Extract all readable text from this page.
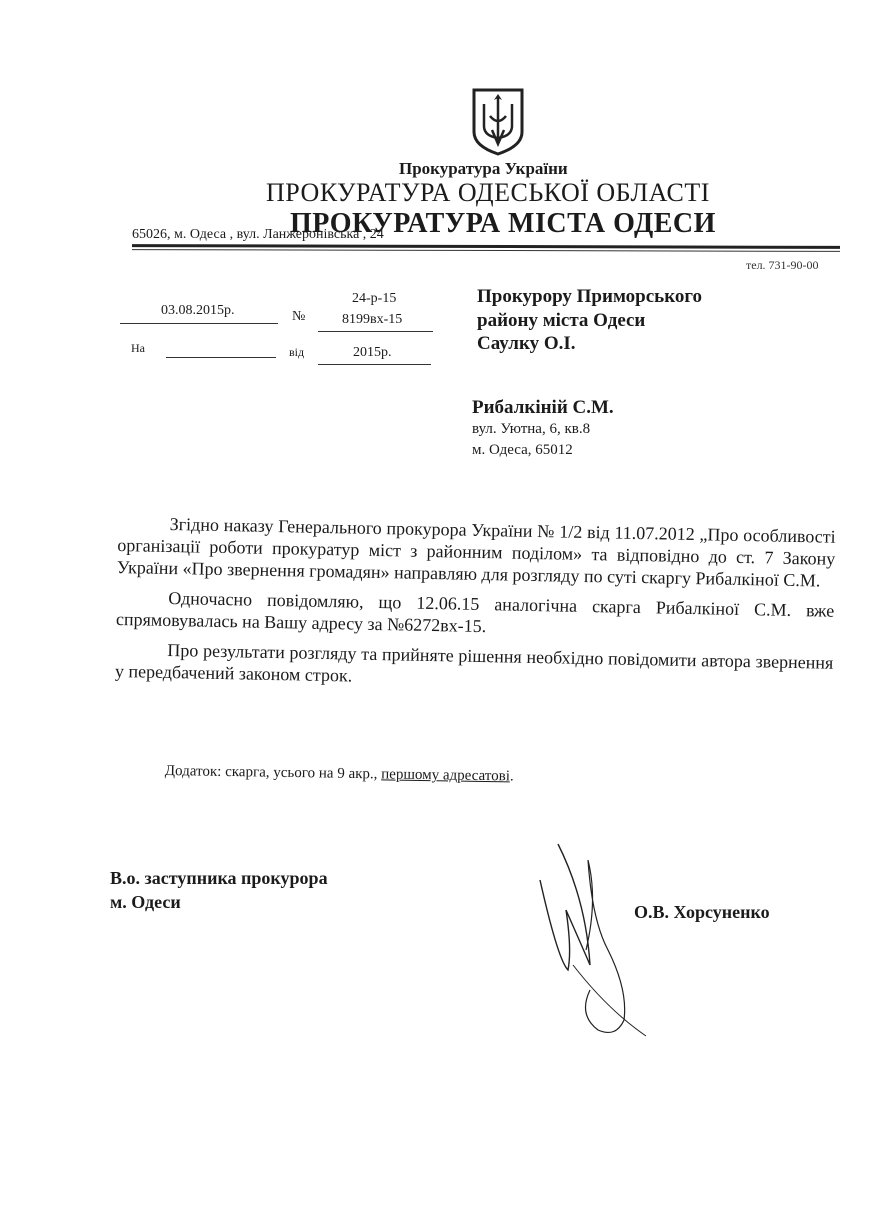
Прокуратура України
ПРОКУРАТУРА ОДЕСЬКОЇ ОБЛАСТІ
ПРОКУРАТУРА МІСТА ОДЕСИ
65026, м. Одеса , вул. Ланжеронівська , 24
тел. 731-90-00
03.08.2015р.	№
24-р-15
8199вх-15
На	від	2015р.
Прокурору Приморського
району міста Одеси
Саулку О.І.
Рибалкіній С.М.
вул. Уютна, 6, кв.8
м. Одеса, 65012

Згідно наказу Генерального прокурора України № 1/2 від 11.07.2012 „Про особливості організації роботи прокуратур міст з районним поділом» та відповідно до ст. 7 Закону України «Про звернення громадян» направляю для розгляду по суті скаргу Рибалкіної С.М.

Одночасно повідомляю, що 12.06.15 аналогічна скарга Рибалкіної С.М. вже спрямовувалась на Вашу адресу за №6272вх-15.

Про результати розгляду та прийняте рішення необхідно повідомити автора звернення у передбачений законом строк.

Додаток: скарга, усього на 9 акр., першому адресатові.
В.о. заступника прокурора
м. Одеси	О.В. Хорсуненко
